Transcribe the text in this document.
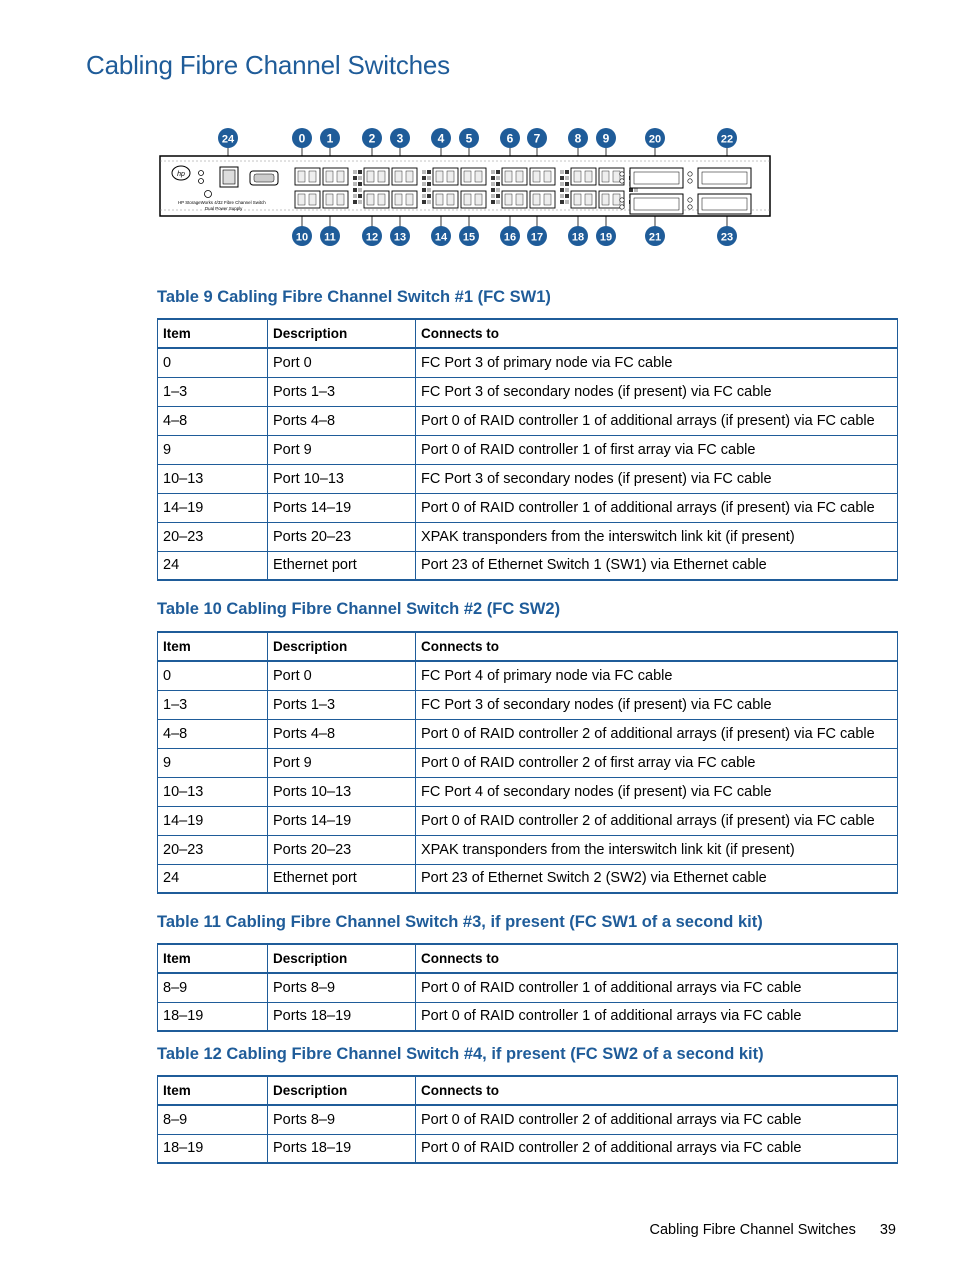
Cabling Fibre Channel Switches
hp
HP StorageWorks 4/32 Fibre Channel Switch
Dual Power Supply
24	0 1	2 3	4 5	6 7	8 9	20	22
10 11	12 13	14 15	16 17	18 19	21	23
Table 9 Cabling Fibre Channel Switch #1 (FC SW1)
Item	Description	Connects to
0	Port 0	FC Port 3 of primary node via FC cable
1–3	Ports 1–3	FC Port 3 of secondary nodes (if present) via FC cable
4–8	Ports 4–8	Port 0 of RAID controller 1 of additional arrays (if present) via FC cable
9	Port 9	Port 0 of RAID controller 1 of first array via FC cable
10–13	Port 10–13	FC Port 3 of secondary nodes (if present) via FC cable
14–19	Ports 14–19	Port 0 of RAID controller 1 of additional arrays (if present) via FC cable
20–23	Ports 20–23	XPAK transponders from the interswitch link kit (if present)
24	Ethernet port	Port 23 of Ethernet Switch 1 (SW1) via Ethernet cable
Table 10 Cabling Fibre Channel Switch #2 (FC SW2)
Item	Description	Connects to
0	Port 0	FC Port 4 of primary node via FC cable
1–3	Ports 1–3	FC Port 3 of secondary nodes (if present) via FC cable
4–8	Ports 4–8	Port 0 of RAID controller 2 of additional arrays (if present) via FC cable
9	Port 9	Port 0 of RAID controller 2 of first array via FC cable
10–13	Ports 10–13	FC Port 4 of secondary nodes (if present) via FC cable
14–19	Ports 14–19	Port 0 of RAID controller 2 of additional arrays (if present) via FC cable
20–23	Ports 20–23	XPAK transponders from the interswitch link kit (if present)
24	Ethernet port	Port 23 of Ethernet Switch 2 (SW2) via Ethernet cable
Table 11 Cabling Fibre Channel Switch #3, if present (FC SW1 of a second kit)
Item	Description	Connects to
8–9	Ports 8–9	Port 0 of RAID controller 1 of additional arrays via FC cable
18–19	Ports 18–19	Port 0 of RAID controller 1 of additional arrays via FC cable
Table 12 Cabling Fibre Channel Switch #4, if present (FC SW2 of a second kit)
Item	Description	Connects to
8–9	Ports 8–9	Port 0 of RAID controller 2 of additional arrays via FC cable
18–19	Ports 18–19	Port 0 of RAID controller 2 of additional arrays via FC cable
Cabling Fibre Channel Switches 39
